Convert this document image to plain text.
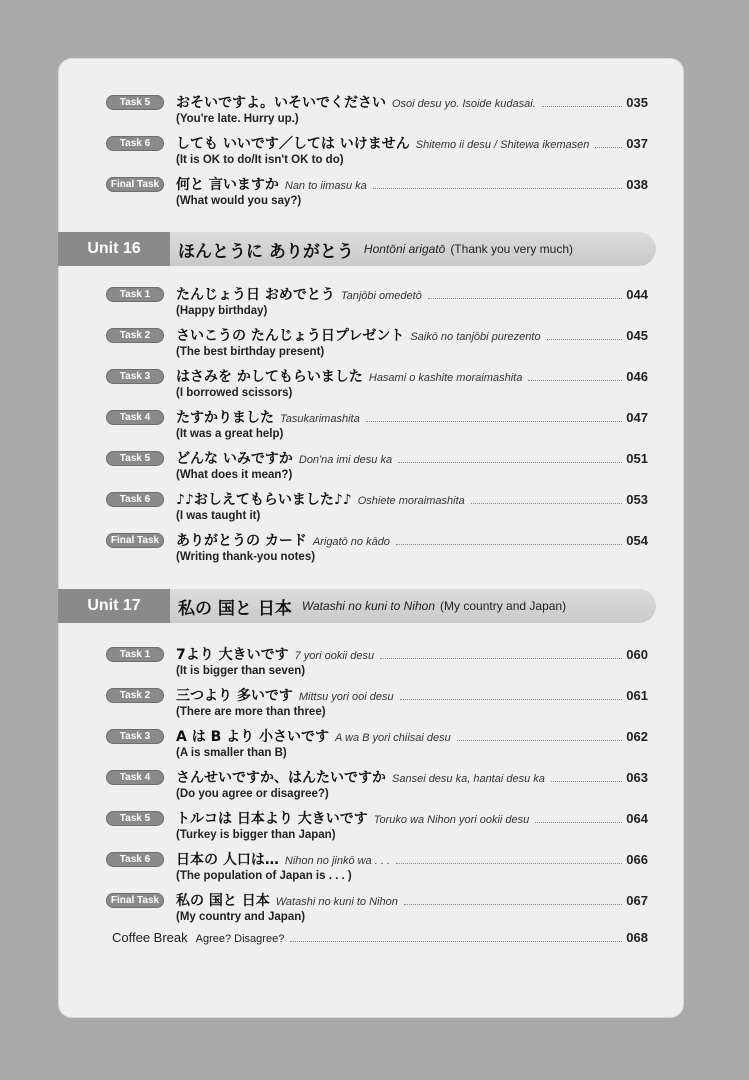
Task 5	おそいですよ。いそいでください Osoi desu yo. Isoide kudasai.	035
(You're late. Hurry up.)
Task 6	しても いいです／しては いけません Shitemo ii desu / Shitewa ikemasen	037
(It is OK to do/It isn't OK to do)
Final Task	何と 言いますか Nan to iimasu ka	038
(What would you say?)
Unit 16	ほんとうに ありがとう Hontōni arigatō (Thank you very much)
Task 1	たんじょう日 おめでとう Tanjōbi omedetō	044
(Happy birthday)
Task 2	さいこうの たんじょう日プレゼント Saikō no tanjōbi purezento	045
(The best birthday present)
Task 3	はさみを かしてもらいました Hasami o kashite moraimashita	046
(I borrowed scissors)
Task 4	たすかりました Tasukarimashita	047
(It was a great help)
Task 5	どんな いみですか Don'na imi desu ka	051
(What does it mean?)
Task 6	♪♪おしえてもらいました♪♪ Oshiete moraimashita	053
(I was taught it)
Final Task	ありがとうの カード Arigatō no kādo	054
(Writing thank-you notes)
Unit 17	私の 国と 日本 Watashi no kuni to Nihon (My country and Japan)
Task 1	7より 大きいです 7 yori ookii desu	060
(It is bigger than seven)
Task 2	三つより 多いです Mittsu yori ooi desu	061
(There are more than three)
Task 3	A は B より 小さいです A wa B yori chiisai desu	062
(A is smaller than B)
Task 4	さんせいですか、はんたいですか Sansei desu ka, hantai desu ka	063
(Do you agree or disagree?)
Task 5	トルコは 日本より 大きいです Toruko wa Nihon yori ookii desu	064
(Turkey is bigger than Japan)
Task 6	日本の 人口は… Nihon no jinkō wa . . .	066
(The population of Japan is . . . )
Final Task	私の 国と 日本 Watashi no kuni to Nihon	067
(My country and Japan)
Coffee Break Agree? Disagree?	068
